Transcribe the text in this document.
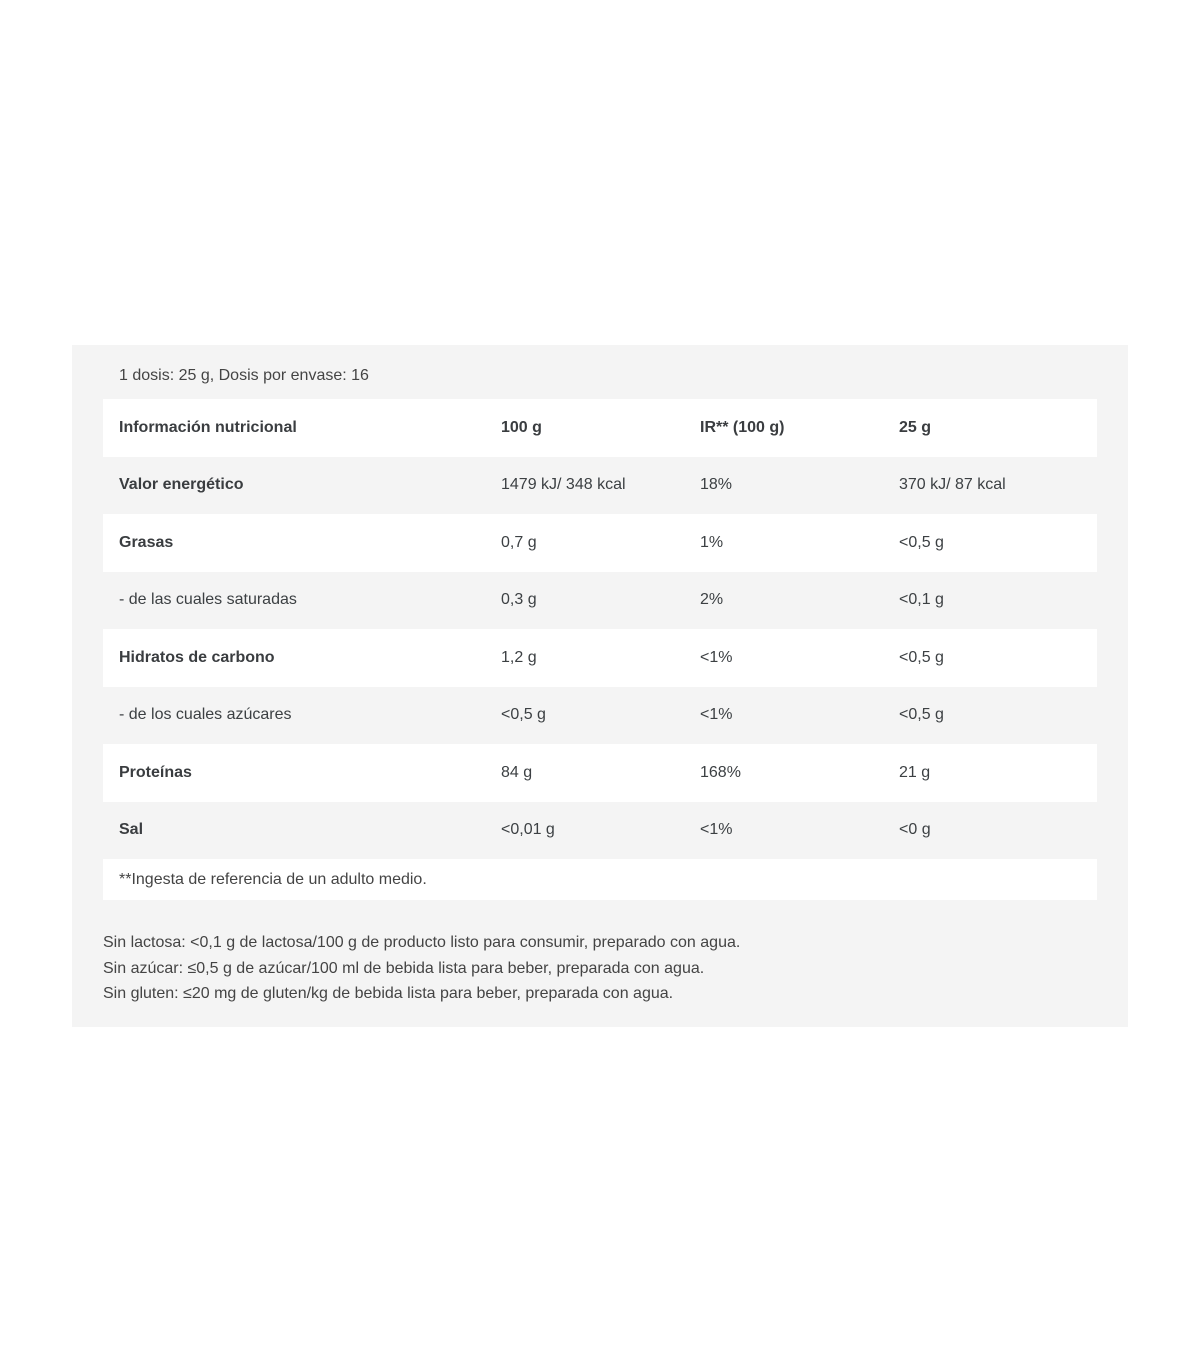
1 dosis: 25 g, Dosis por envase: 16
Información nutricional	100 g	IR** (100 g)	25 g
Valor energético	1479 kJ/ 348 kcal	18%	370 kJ/ 87 kcal
Grasas	0,7 g	1%	<0,5 g
- de las cuales saturadas	0,3 g	2%	<0,1 g
Hidratos de carbono	1,2 g	<1%	<0,5 g
- de los cuales azúcares	<0,5 g	<1%	<0,5 g
Proteínas	84 g	168%	21 g
Sal	<0,01 g	<1%	<0 g
**Ingesta de referencia de un adulto medio.
Sin lactosa: <0,1 g de lactosa/100 g de producto listo para consumir, preparado con agua.
Sin azúcar: ≤0,5 g de azúcar/100 ml de bebida lista para beber, preparada con agua.
Sin gluten: ≤20 mg de gluten/kg de bebida lista para beber, preparada con agua.
